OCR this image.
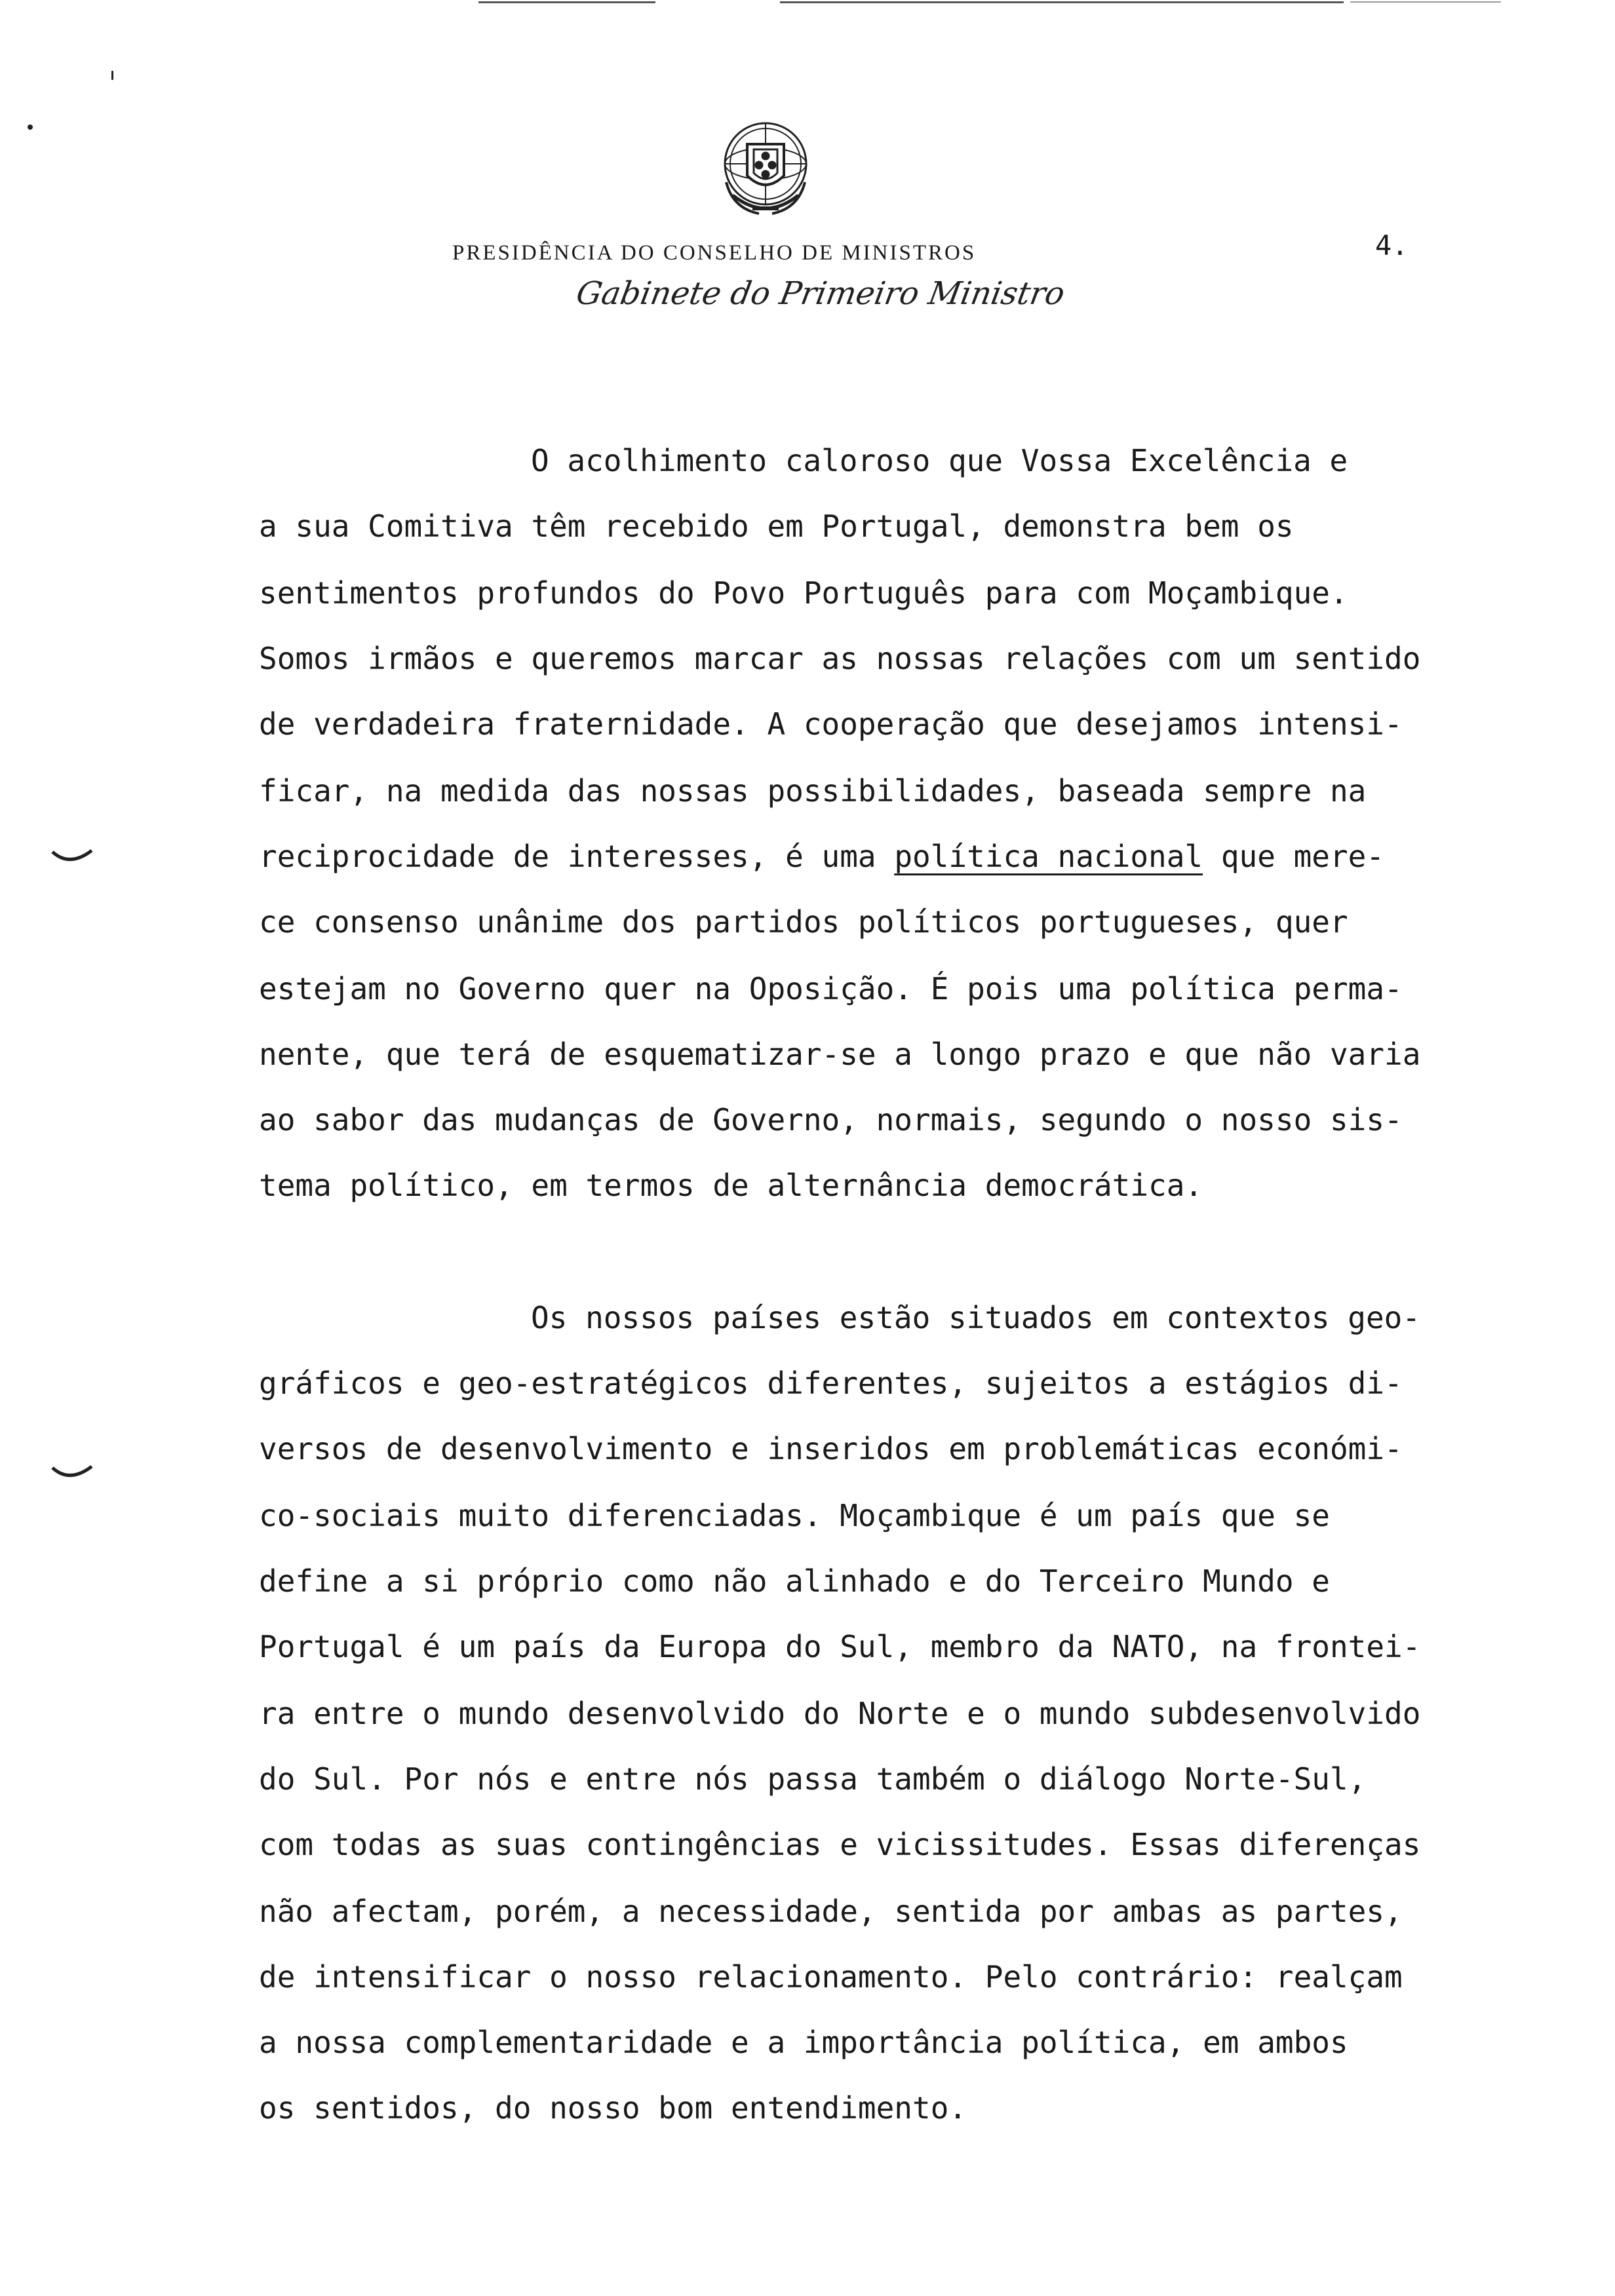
PRESIDÊNCIA DO CONSELHO DE MINISTROS
Gabinete do Primeiro Ministro
4.
O acolhimento caloroso que Vossa Excelência e
a sua Comitiva têm recebido em Portugal, demonstra bem os
sentimentos profundos do Povo Português para com Moçambique.
Somos irmãos e queremos marcar as nossas relações com um sentido
de verdadeira fraternidade. A cooperação que desejamos intensi-
ficar, na medida das nossas possibilidades, baseada sempre na
reciprocidade de interesses, é uma política nacional que mere-
ce consenso unânime dos partidos políticos portugueses, quer
estejam no Governo quer na Oposição. É pois uma política perma-
nente, que terá de esquematizar-se a longo prazo e que não varia
ao sabor das mudanças de Governo, normais, segundo o nosso sis-
tema político, em termos de alternância democrática.
Os nossos países estão situados em contextos geo-
gráficos e geo-estratégicos diferentes, sujeitos a estágios di-
versos de desenvolvimento e inseridos em problemáticas económi-
co-sociais muito diferenciadas. Moçambique é um país que se
define a si próprio como não alinhado e do Terceiro Mundo e
Portugal é um país da Europa do Sul, membro da NATO, na frontei-
ra entre o mundo desenvolvido do Norte e o mundo subdesenvolvido
do Sul. Por nós e entre nós passa também o diálogo Norte-Sul,
com todas as suas contingências e vicissitudes. Essas diferenças
não afectam, porém, a necessidade, sentida por ambas as partes,
de intensificar o nosso relacionamento. Pelo contrário: realçam
a nossa complementaridade e a importância política, em ambos
os sentidos, do nosso bom entendimento.
